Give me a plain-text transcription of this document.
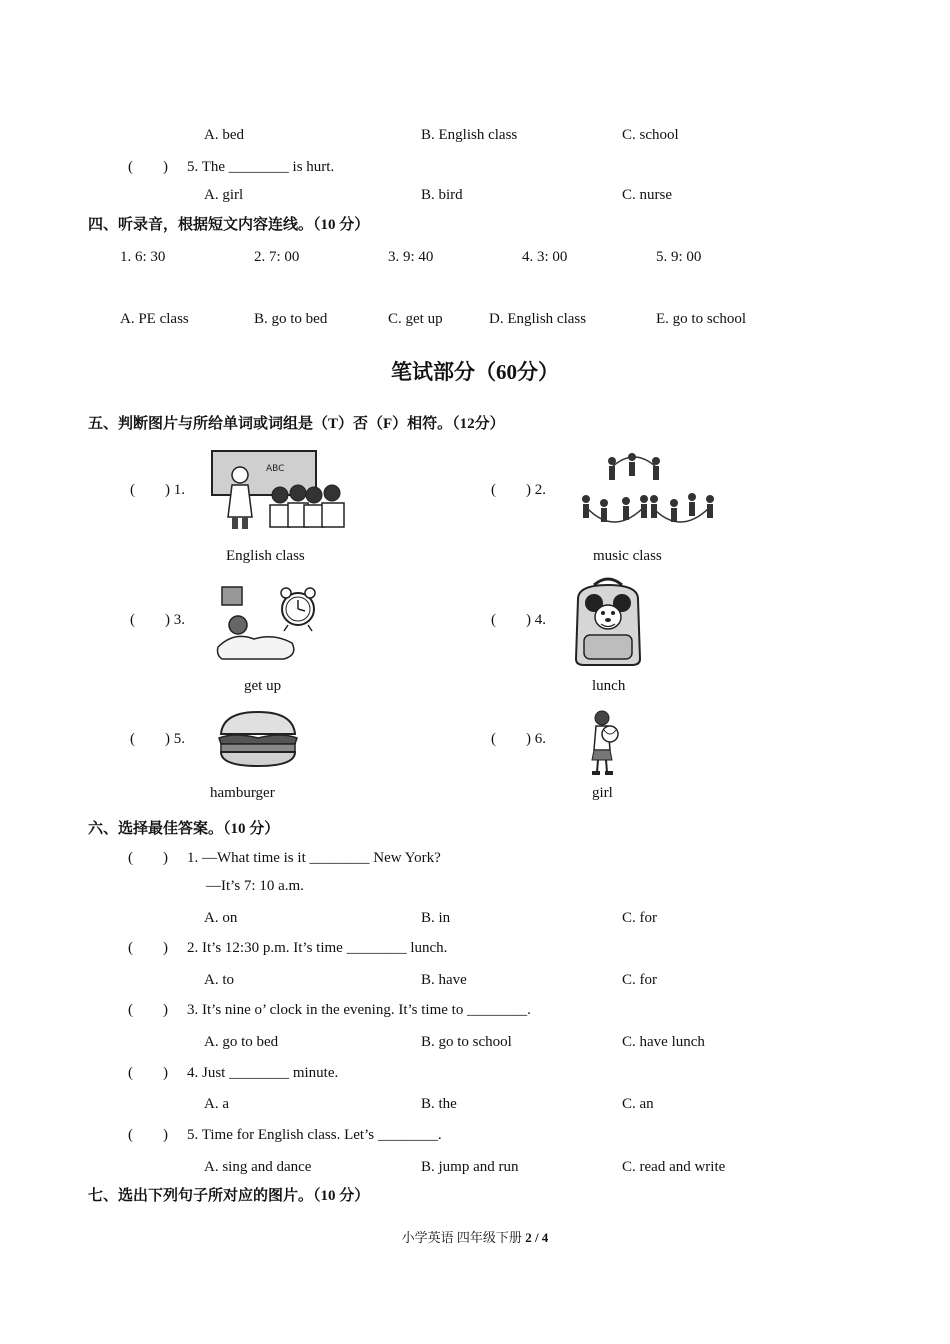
A. bed	B. English class	C. school
(　　) 5. The ________ is hurt.
A. girl	B. bird	C. nurse
四、听录音，根据短文内容连线。（10 分）
1. 6: 30	2. 7: 00	3. 9: 40	4. 3: 00	5. 9: 00
A. PE class	B. go to bed	C. get up	D. English class	E. go to school
笔试部分（60分）
五、判断图片与所给单词或词组是（T）否（F）相符。（12分）
(　　) 1.
ABC
English class
(　　) 2.
music class
(　　) 3.
get up
(　　) 4.
lunch
(　　) 5.
hamburger
(　　) 6.
girl
六、选择最佳答案。（10 分）
(　　) 1. —What time is it ________ New York?
—It’s 7: 10 a.m.
A. on	B. in	C. for
(　　) 2. It’s 12:30 p.m. It’s time ________ lunch.
A. to	B. have	C. for
(　　) 3. It’s nine o’ clock in the evening. It’s time to ________.
A. go to bed	B. go to school	C. have lunch
(　　) 4. Just ________ minute.
A. a	B. the	C. an
(　　) 5. Time for English class. Let’s ________.
A. sing and dance	B. jump and run	C. read and write
七、选出下列句子所对应的图片。（10 分）
小学英语 四年级下册 2 / 4
